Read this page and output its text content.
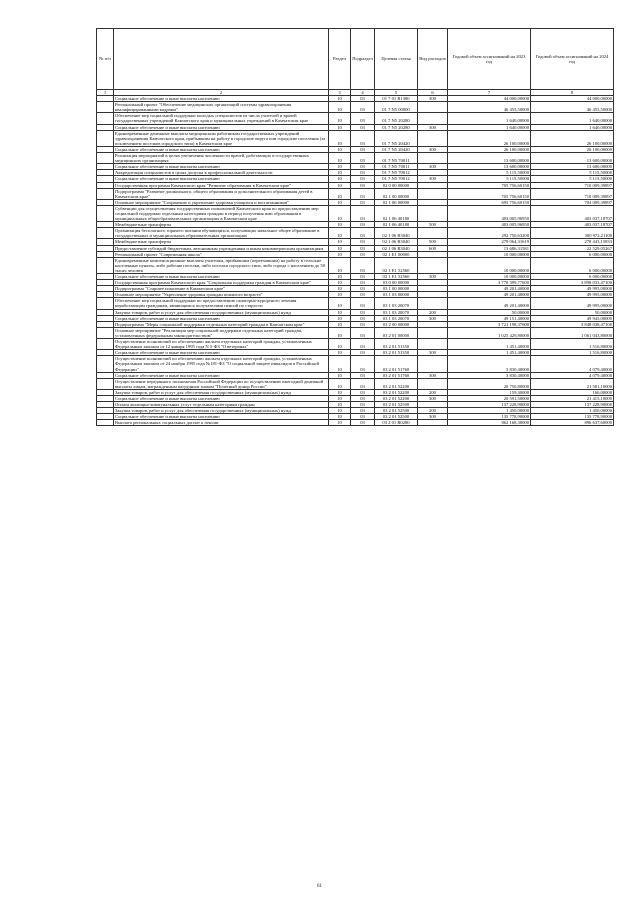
№ п/п		Раздел	Подраздел	Целевая статья	Вид расходов	Годовой объем ассигнований на 2023 год	Годовой объем ассигнований на 2024 год
1	2	3	4	5	6	7	8
	Социальное обеспечение и иные выплаты населению	10	03	01 7 01 R1380	300	44 000,00000	44 000,00000
	Региональный проект "Обеспечение медицинских организаций системы здравоохранения квалифицированными кадрами"	10	03	01 7 N5 00000		46 455,50000	46 455,50000
	Обеспечение мер социальной поддержки молодых специалистов из числа учителей и врачей государственных учреждений Камчатского края и муниципальных учреждений в Камчатском крае	10	03	01 7 N5 20280		1 640,00000	1 640,00000
	Социальное обеспечение и иные выплаты населению	10	03	01 7 N5 20280	300	1 640,00000	1 640,00000
	Единовременные денежные выплаты медицинским работникам государственных учреждений здравоохранения Камчатского края, прибывшим на работу в городские округа или городские поселения (за исключением поселков городского типа) в Камчатском крае	10	03	01 7 N5 20420		26 100,00000	26 100,00000
	Социальное обеспечение и иные выплаты населению	10	03	01 7 N5 20420	300	26 100,00000	26 100,00000
	Реализация мероприятий в целях увеличения численности врачей, работающих в государственных медицинских организациях	10	03	01 7 N5 70011		13 600,00000	13 600,00000
	Социальное обеспечение и иные выплаты населению	10	03	01 7 N5 70011	300	13 600,00000	13 600,00000
	Аккредитация специалистов в целях допуска к профессиональной деятельности	10	03	01 7 N5 70012		5 115,50000	5 115,50000
	Социальное обеспечение и иные выплаты населению	10	03	01 7 N5 70012	300	5 115,50000	5 115,50000
	Государственная программа Камчатского края "Развитие образования в Камчатском крае"	10	03	02 0 00 00000		705 756,60150	710 009,39897
	Подпрограмма "Развитие дошкольного, общего образования и дополнительного образования детей в Камчатском крае"	10	03	02 1 00 00000		705 756,60150	710 009,39897
	Основное мероприятие "Сохранение и укрепление здоровья учащихся и воспитанников"	10	03	02 1 06 00000		695 756,60150	704 009,39897
	Субвенции для осуществления государственных полномочий Камчатского края по предоставлению мер социальной поддержки отдельным категориям граждан в период получения ими образования в муниципальных общеобразовательных организациях в Камчатском крае	10	03	02 1 06 40180		403 005,96950	403 037,18707
	Межбюджетные трансферты	10	03	02 1 06 40180	500	403 005,96950	403 037,18707
	Организация бесплатного горячего питания обучающихся, получающих начальное общее образование в государственных и муниципальных образовательных организациях	10	03	02 1 06 R3040		292 750,63200	300 972,21100
	Межбюджетные трансферты	10	03	02 1 06 R3040	500	279 064,31619	278 443,15833
	Предоставление субсидий бюджетным, автономным учреждениям и иным некоммерческим организациям	10	03	02 1 06 R3040	600	13 686,31581	22 529,05267
	Региональный проект "Современная школа"	10	03	02 1 E1 00000		10 000,00000	6 000,00000
	Единовременные компенсационные выплаты учителям, прибывшим (переехавшим) на работу в сельские населенные пункты, либо рабочие поселки, либо поселки городского типа, либо города с населением до 50 тысяч человек	10	03	02 1 E1 52560		10 000,00000	6 000,00000
	Социальное обеспечение и иные выплаты населению	10	03	02 1 E1 52560	300	10 000,00000	6 000,00000
	Государственная программа Камчатского края "Социальная поддержка граждан в Камчатском крае"	10	03	03 0 00 00000		3 770 399,77600	3 898 033,47100
	Подпрограмма "Старшее поколение в Камчатском крае"	10	03	03 1 00 00000		49 201,40000	49 995,00000
	Основное мероприятие "Укрепление здоровья граждан пожилого возраста"	10	03	03 1 03 00000		49 201,40000	49 995,00000
	Обеспечение мер социальной поддержки по предоставлению санаторно-курортного лечения неработающим гражданам, являющимся получателями пенсий по старости	10	03	03 1 03 20070		49 201,40000	49 995,00000
	Закупка товаров, работ и услуг для обеспечения государственных (муниципальных) нужд	10	03	03 1 03 20070	200	50,00000	50,00000
	Социальное обеспечение и иные выплаты населению	10	03	03 1 03 20070	300	49 151,40000	49 945,00000
	Подпрограмма "Меры социальной поддержки отдельных категорий граждан в Камчатском крае"	10	03	03 2 00 00000		3 721 198,37600	3 848 038,47100
	Основное мероприятие "Реализация мер социальной поддержки отдельных категорий граждан, установленных федеральным законодательством"	10	03	03 2 01 00000		1 025 429,80000	1 061 043,80000
	Осуществление полномочий по обеспечению жильем отдельных категорий граждан, установленных Федеральным законом от 12 января 1995 года N 5-ФЗ "О ветеранах"	10	03	03 2 01 51350		1 451,40000	1 516,80000
	Социальное обеспечение и иные выплаты населению	10	03	03 2 01 51350	300	1 451,40000	1 516,80000
	Осуществление полномочий по обеспечению жильем отдельных категорий граждан, установленных Федеральным законом от 24 ноября 1995 года №181-ФЗ "О социальной защите инвалидов в Российской Федерации"	10	03	03 2 01 51760		3 830,40000	4 079,40000
	Социальное обеспечение и иные выплаты населению	10	03	03 2 01 51760	300	3 830,40000	4 079,40000
	Осуществление переданного полномочия Российской Федерации по осуществлению ежегодной денежной выплаты лицам, награжденным нагрудным знаком "Почетный донор России"	10	03	03 2 01 52200		20 750,80000	21 581,10000
	Закупка товаров, работ и услуг для обеспечения государственных (муниципальных) нужд	10	03	03 2 01 52200	200	159,30000	166,00000
	Социальное обеспечение и иные выплаты населению	10	03	03 2 01 52200	300	20 591,50000	21 415,10000
	Оплата жилищно-коммунальных услуг отдельным категориям граждан	10	03	03 2 01 52500		137 228,90000	137 228,90000
	Закупка товаров, работ и услуг для обеспечения государственных (муниципальных) нужд	10	03	03 2 01 52500	200	1 450,00000	1 450,00000
	Социальное обеспечение и иные выплаты населению	10	03	03 2 01 52500	300	135 778,90000	135 778,90000
	Выплата региональных социальных доплат к пенсии	10	03	03 2 01 R0280		862 168,30000	896 637,60000
61
